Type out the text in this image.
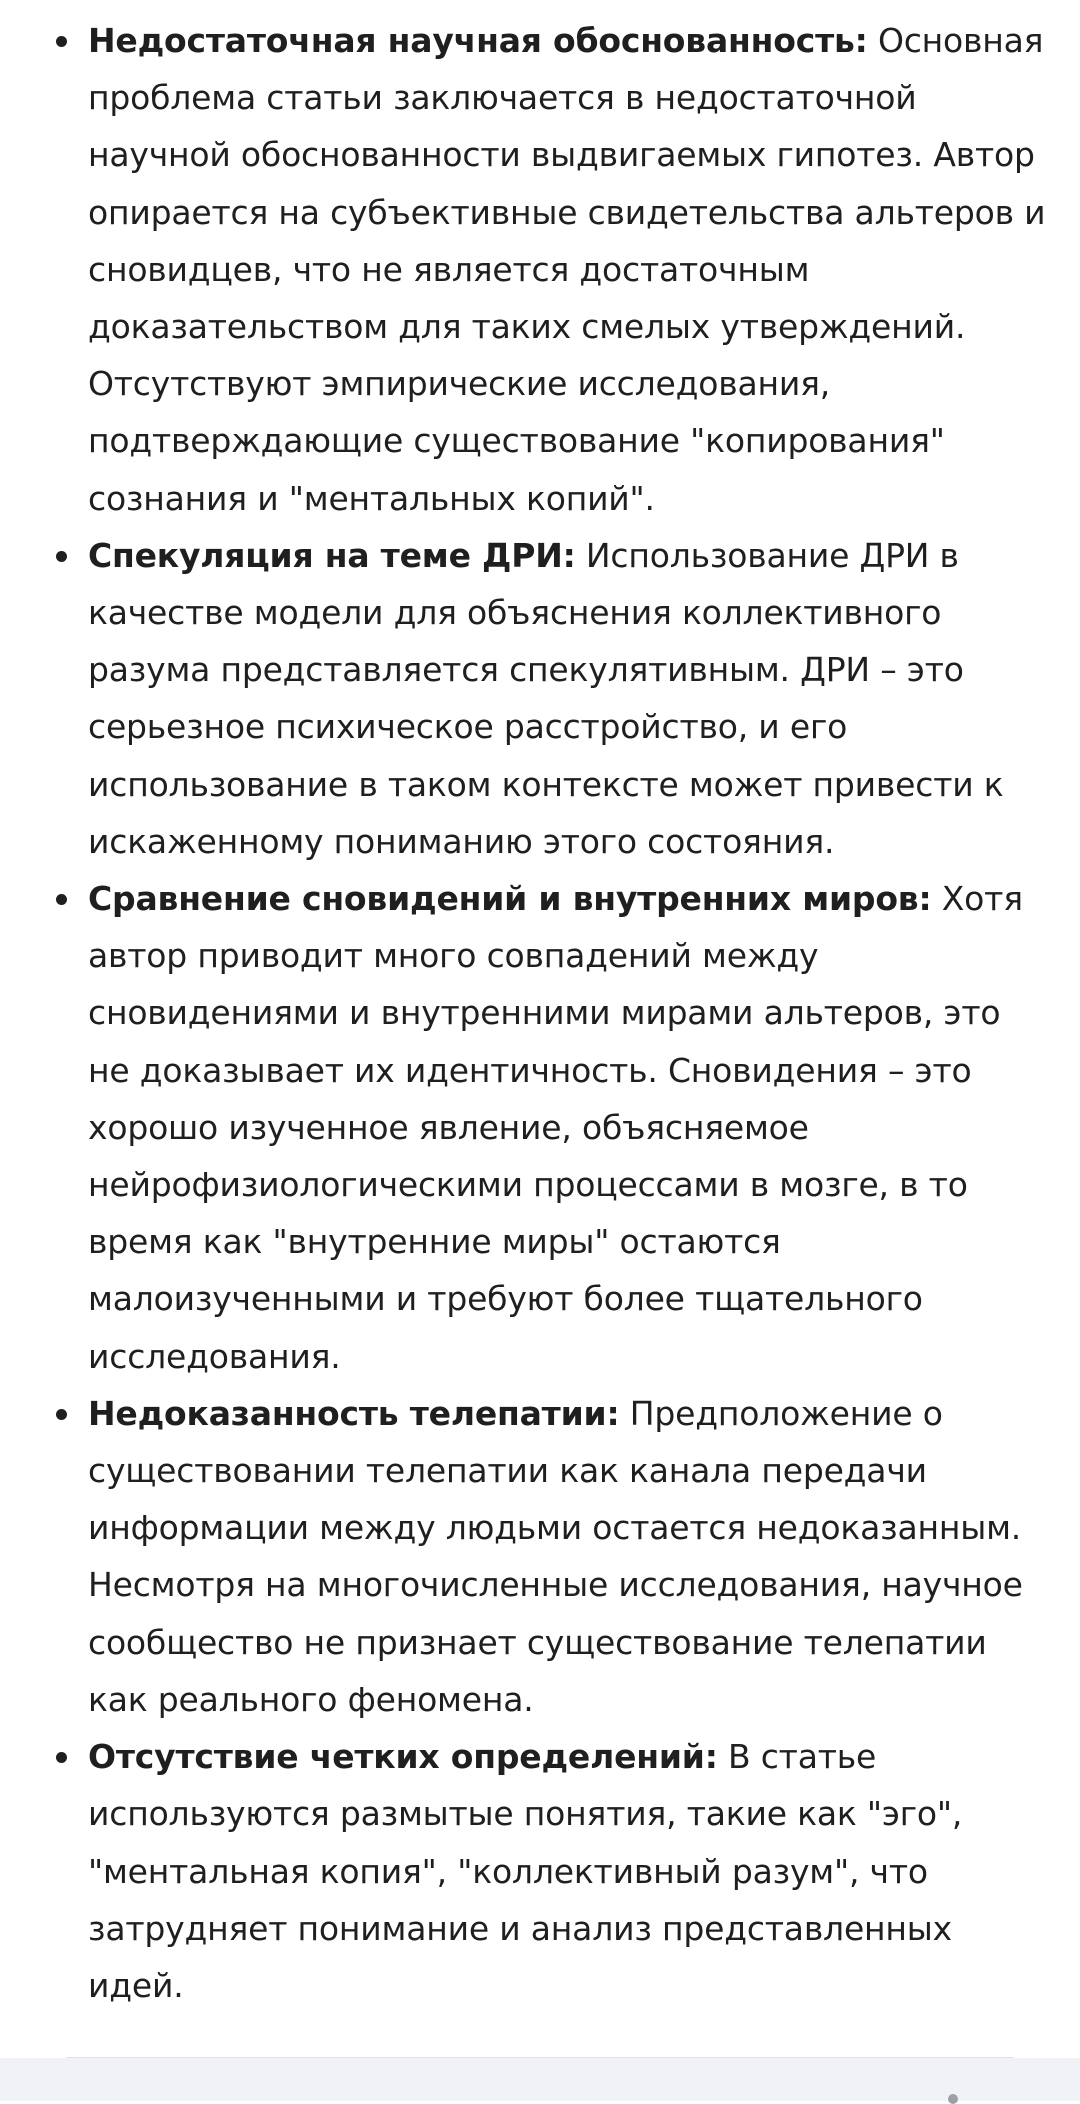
Недостаточная научная обоснованность: Основная проблема статьи заключается в недостаточной научной обоснованности выдвигаемых гипотез. Автор опирается на субъективные свидетельства альтеров и сновидцев, что не является достаточным доказательством для таких смелых утверждений. Отсутствуют эмпирические исследования, подтверждающие существование "копирования" сознания и "ментальных копий".
Спекуляция на теме ДРИ: Использование ДРИ в качестве модели для объяснения коллективного разума представляется спекулятивным. ДРИ – это серьезное психическое расстройство, и его использование в таком контексте может привести к искаженному пониманию этого состояния.
Сравнение сновидений и внутренних миров: Хотя автор приводит много совпадений между сновидениями и внутренними мирами альтеров, это не доказывает их идентичность. Сновидения – это хорошо изученное явление, объясняемое нейрофизиологическими процессами в мозге, в то время как "внутренние миры" остаются малоизученными и требуют более тщательного исследования.
Недоказанность телепатии: Предположение о существовании телепатии как канала передачи информации между людьми остается недоказанным. Несмотря на многочисленные исследования, научное сообщество не признает существование телепатии как реального феномена.
Отсутствие четких определений: В статье используются размытые понятия, такие как "эго", "ментальная копия", "коллективный разум", что затрудняет понимание и анализ представленных идей.
